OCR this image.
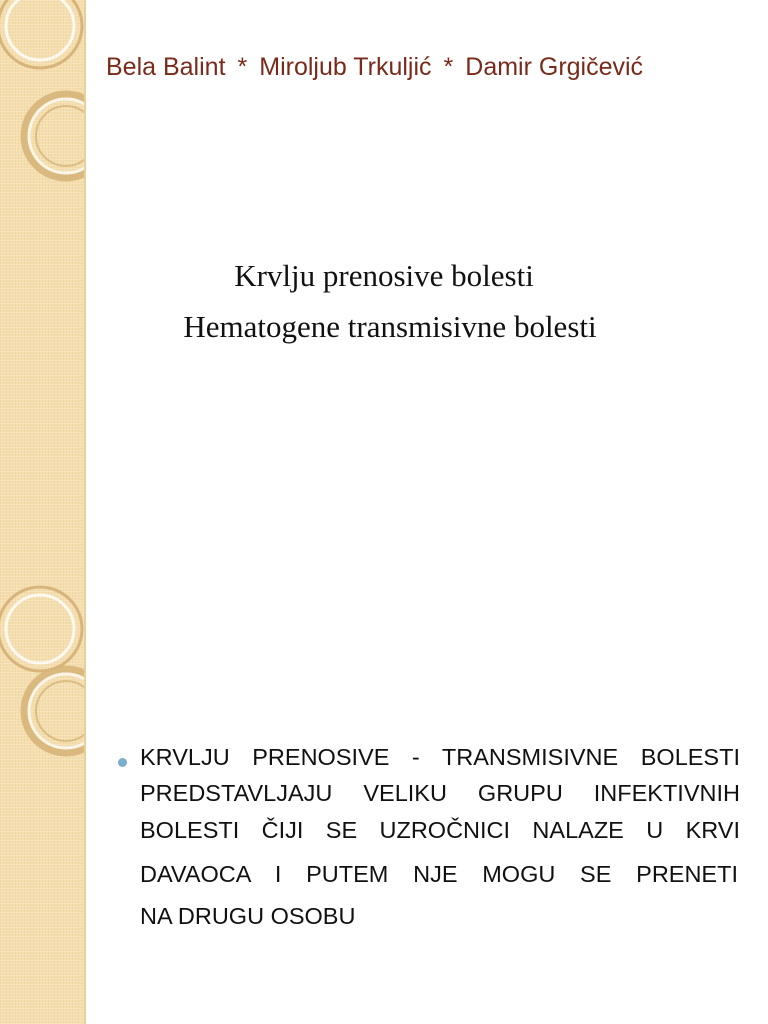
Bela Balint * Miroljub Trkuljić * Damir Grgičević
Krvlju prenosive bolesti
Hematogene transmisivne bolesti
KRVLJU PRENOSIVE - TRANSMISIVNE BOLESTI
PREDSTAVLJAJU VELIKU GRUPU INFEKTIVNIH
BOLESTI ČIJI SE UZROČNICI NALAZE U KRVI
DAVAOCA I PUTEM NJE MOGU SE PRENETI
NA DRUGU OSOBU
